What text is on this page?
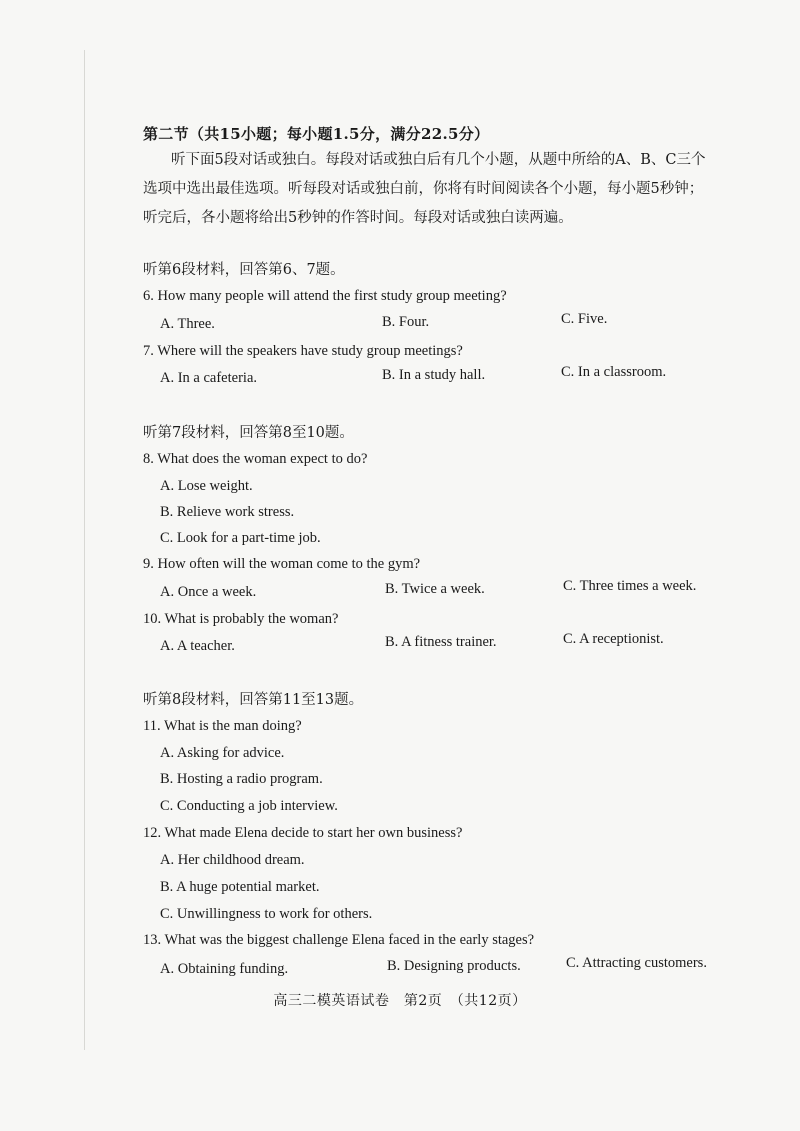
第二节（共15小题；每小题1.5分，满分22.5分）
听下面5段对话或独白。每段对话或独白后有几个小题，从题中所给的A、B、C三个
选项中选出最佳选项。听每段对话或独白前，你将有时间阅读各个小题，每小题5秒钟；
听完后，各小题将给出5秒钟的作答时间。每段对话或独白读两遍。
听第6段材料，回答第6、7题。
6. How many people will attend the first study group meeting?
A. Three.	B. Four.	C. Five.
7. Where will the speakers have study group meetings?
A. In a cafeteria.	B. In a study hall.	C. In a classroom.
听第7段材料，回答第8至10题。
8. What does the woman expect to do?
A. Lose weight.
B. Relieve work stress.
C. Look for a part-time job.
9. How often will the woman come to the gym?
A. Once a week.	B. Twice a week.	C. Three times a week.
10. What is probably the woman?
A. A teacher.	B. A fitness trainer.	C. A receptionist.
听第8段材料，回答第11至13题。
11. What is the man doing?
A. Asking for advice.
B. Hosting a radio program.
C. Conducting a job interview.
12. What made Elena decide to start her own business?
A. Her childhood dream.
B. A huge potential market.
C. Unwillingness to work for others.
13. What was the biggest challenge Elena faced in the early stages?
A. Obtaining funding.	B. Designing products.	C. Attracting customers.
高三二模英语试卷　第2页　（共12页）
